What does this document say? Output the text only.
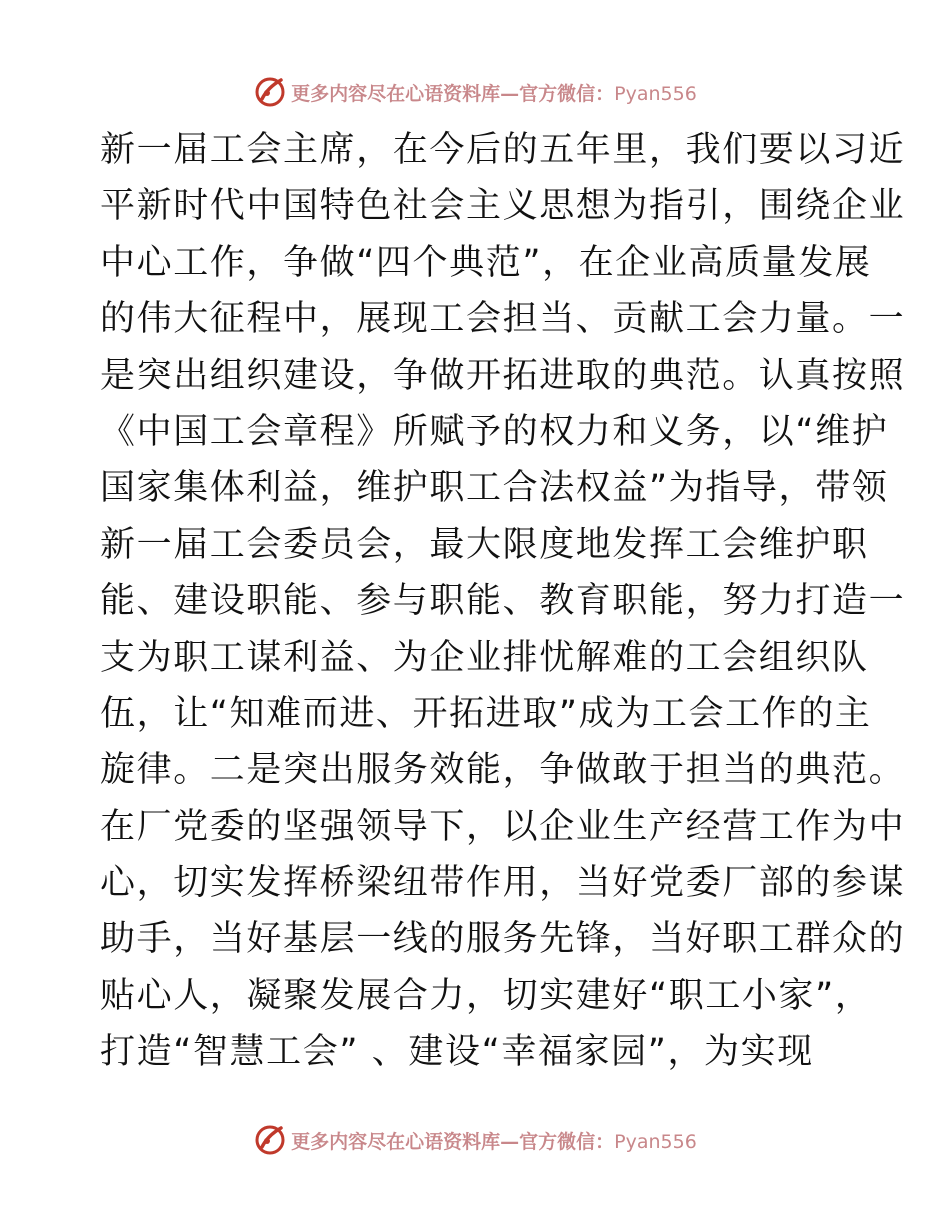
更多内容尽在心语资料库—官方微信：Pyan556
新一届工会主席，在今后的五年里，我们要以习近
平新时代中国特色社会主义思想为指引，围绕企业
中心工作，争做“四个典范”，在企业高质量发展
的伟大征程中，展现工会担当、贡献工会力量。一
是突出组织建设，争做开拓进取的典范。认真按照
《中国工会章程》所赋予的权力和义务，以“维护
国家集体利益，维护职工合法权益”为指导，带领
新一届工会委员会，最大限度地发挥工会维护职
能、建设职能、参与职能、教育职能，努力打造一
支为职工谋利益、为企业排忧解难的工会组织队
伍，让“知难而进、开拓进取”成为工会工作的主
旋律。二是突出服务效能，争做敢于担当的典范。
在厂党委的坚强领导下，以企业生产经营工作为中
心，切实发挥桥梁纽带作用，当好党委厂部的参谋
助手，当好基层一线的服务先锋，当好职工群众的
贴心人，凝聚发展合力，切实建好“职工小家”，
打造“智慧工会” 、建设“幸福家园”，为实现
更多内容尽在心语资料库—官方微信：Pyan556
